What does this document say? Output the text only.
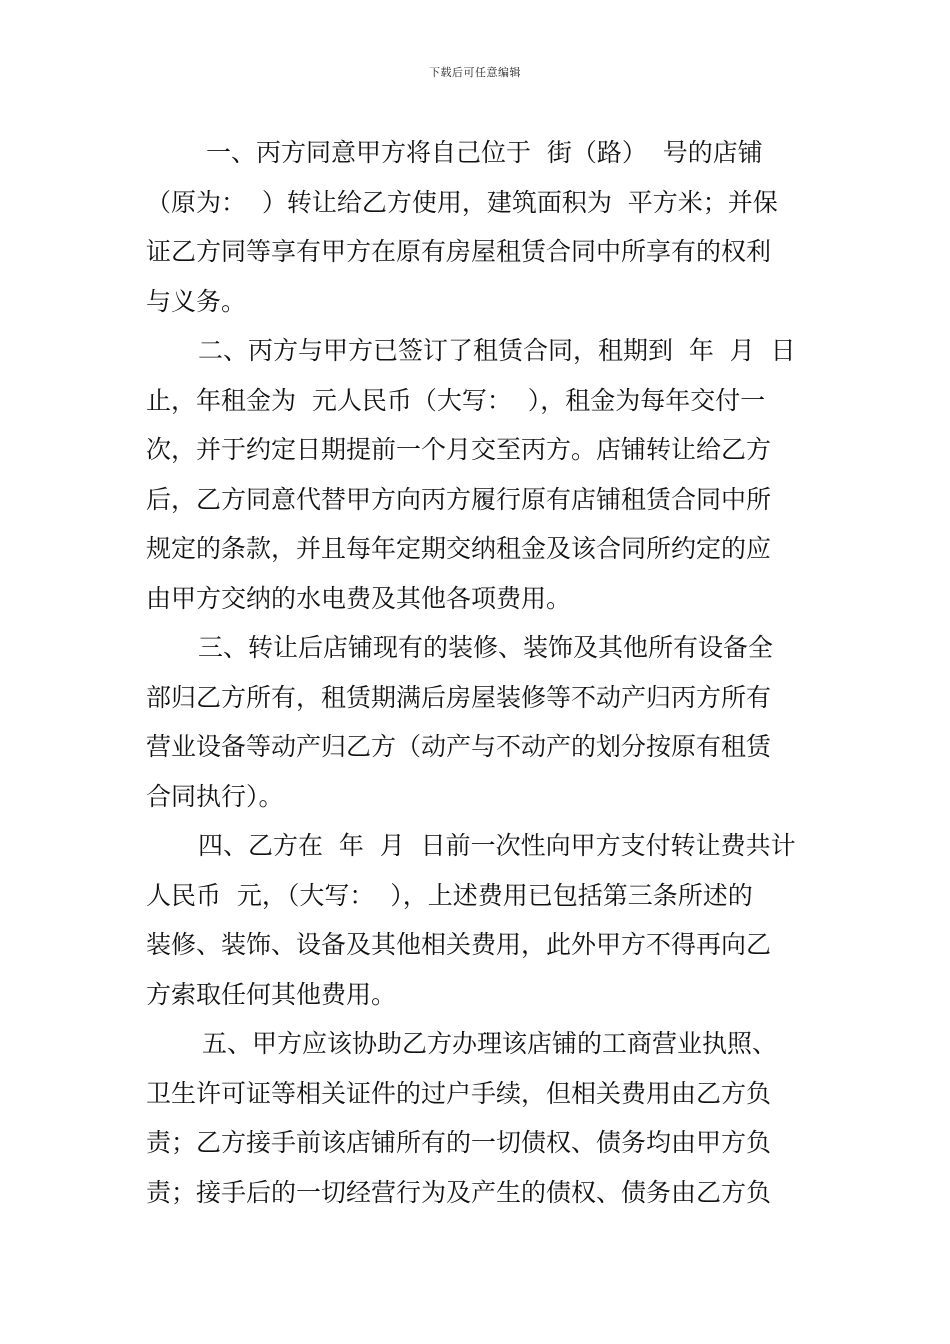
下载后可任意编辑
一、丙方同意甲方将自己位于  街（路）  号的店铺
（原为：  ）转让给乙方使用，建筑面积为  平方米；并保
证乙方同等享有甲方在原有房屋租赁合同中所享有的权利
与义务。
二、丙方与甲方已签订了租赁合同，租期到  年  月  日
止，年租金为  元人民币（大写：  ），租金为每年交付一
次，并于约定日期提前一个月交至丙方。店铺转让给乙方
后，乙方同意代替甲方向丙方履行原有店铺租赁合同中所
规定的条款，并且每年定期交纳租金及该合同所约定的应
由甲方交纳的水电费及其他各项费用。
三、转让后店铺现有的装修、装饰及其他所有设备全
部归乙方所有，租赁期满后房屋装修等不动产归丙方所有
营业设备等动产归乙方（动产与不动产的划分按原有租赁
合同执行）。
四、乙方在  年  月  日前一次性向甲方支付转让费共计
人民币  元，（大写：  ），上述费用已包括第三条所述的
装修、装饰、设备及其他相关费用，此外甲方不得再向乙
方索取任何其他费用。
五、甲方应该协助乙方办理该店铺的工商营业执照、
卫生许可证等相关证件的过户手续，但相关费用由乙方负
责；乙方接手前该店铺所有的一切债权、债务均由甲方负
责；接手后的一切经营行为及产生的债权、债务由乙方负
